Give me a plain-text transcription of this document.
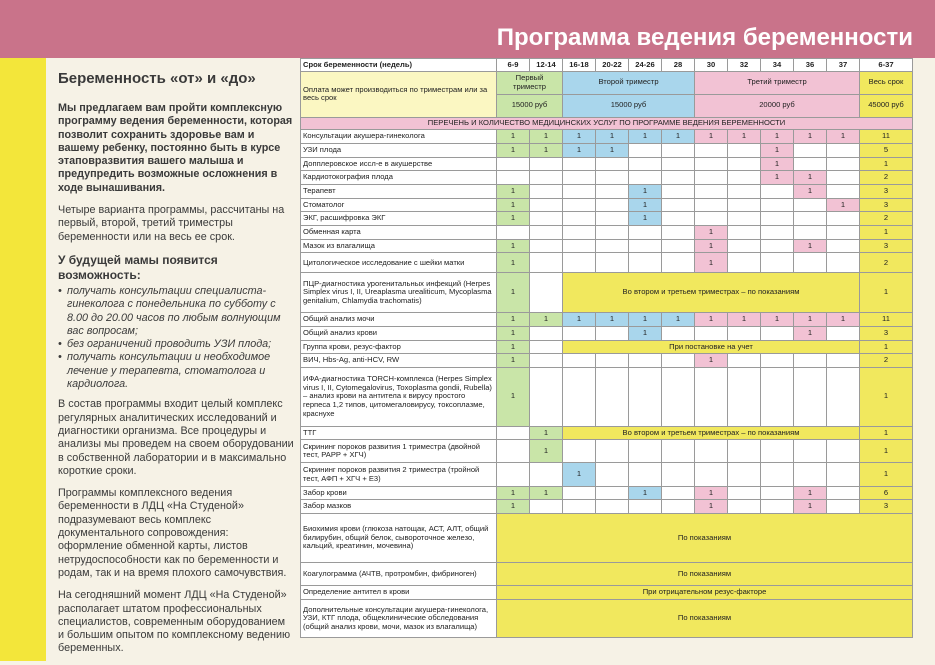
Программа ведения беременности
Беременность «от» и «до»

Мы предлагаем вам пройти комплексную программу ведения беременности, которая позволит сохранить здоровье вам и вашему ребенку, постоянно быть в курсе этаповразвития вашего малыша и предупредить возможные осложнения в ходе вынашивания.

Четыре варианта программы, рассчитаны на первый, второй, третий триместры беременности или на весь ее срок.

У будущей мамы появится возможность:
• получать консультации специалиста-гинеколога с понедельника по субботу с 8.00 до 20.00 часов по любым волнующим вас вопросам;
• без ограничений проводить УЗИ плода;
• получать консультации и необходимое лечение у терапевта, стоматолога и кардиолога.

В состав программы входит целый комплекс регулярных аналитических исследований и диагностики организма. Все процедуры и анализы мы проведем на своем оборудовании в собственной лаборатории и в максимально короткие сроки.

Программы комплексного ведения беременности в ЛДЦ «На Студеной» подразумевают весь комплекс документального сопровождения: оформление обменной карты, листов нетрудоспособности как по беременности и родам, так и на время плохого самочувствия.

На сегодняшний момент ЛДЦ «На Студеной» располагает штатом профессиональных специалистов, современным оборудованием и большим опытом по комплексному ведению беременных.

Срок беременности (недель)	6-9	12-14	16-18	20-22	24-26	28	30	32	34	36	37	6-37
Оплата может производиться по триместрам или за весь срок	Первый триместр		Второй триместр				Третий триместр					Весь срок
	15000 руб		15000 руб				20000 руб					45000 руб
ПЕРЕЧЕНЬ И КОЛИЧЕСТВО МЕДИЦИНСКИХ УСЛУГ ПО ПРОГРАММЕ ВЕДЕНИЯ БЕРЕМЕННОСТИ												
Консультации акушера-гинеколога	1	1	1	1	1	1	1	1	1	1	1	11
УЗИ плода	1	1	1	1					1			5
Допплеровское иссл-е в акушерстве									1			1
Кардиотокография плода									1	1		2
Терапевт	1				1					1		3
Стоматолог	1				1						1	3
ЭКГ, расшифровка ЭКГ	1				1							2
Обменная карта							1					1
Мазок из влагалища	1						1			1		3
Цитологическое исследование с шейки матки	1						1					2
ПЦР-диагностика урогенитальных инфекций (Herpes Simplex virus I, II, Ureaplasma urealiticum, Mycoplasma genitalium, Chlamydia trachomatis)	1		Во втором и третьем триместрах – по показаниям									1
Общий анализ мочи	1	1	1	1	1	1	1	1	1	1	1	11
Общий анализ крови	1				1					1		3
Группа крови, резус-фактор	1		При постановке на учет									1
ВИЧ, Hbs-Ag, anti-HCV, RW	1						1					2
ИФА-диагностика TORCH-комплекса (Herpes Simplex virus I, II, Cytomegalovirus, Toxoplasma gondii, Rubella) – анализ крови на антитела к вирусу простого герпеса 1,2 типов, цитомегаловирусу, токсоплазме, краснухе	1											1
ТТГ		1	Во втором и третьем триместрах – по показаниям									1
Скрининг пороков развития 1 триместра (двойной тест, PAPP + ХГЧ)		1										1
Скрининг пороков развития 2 триместра (тройной тест, АФП + ХГЧ + Е3)			1									1
Забор крови	1	1			1		1			1		6
Забор мазков	1						1			1		3
Биохимия крови (глюкоза натощак, АСТ, АЛТ, общий билирубин, общий белок, сывороточное железо, кальций, креатинин, мочевина)	По показаниям											
Коагулограмма (АЧТВ, протромбин, фибриноген)	По показаниям											
Определение антител в крови	При отрицательном резус-факторе											
Дополнительные консультации акушера-гинеколога, УЗИ, КТГ плода, общеклинические обследования (общий анализ крови, мочи, мазок из влагалища)	По показаниям											
